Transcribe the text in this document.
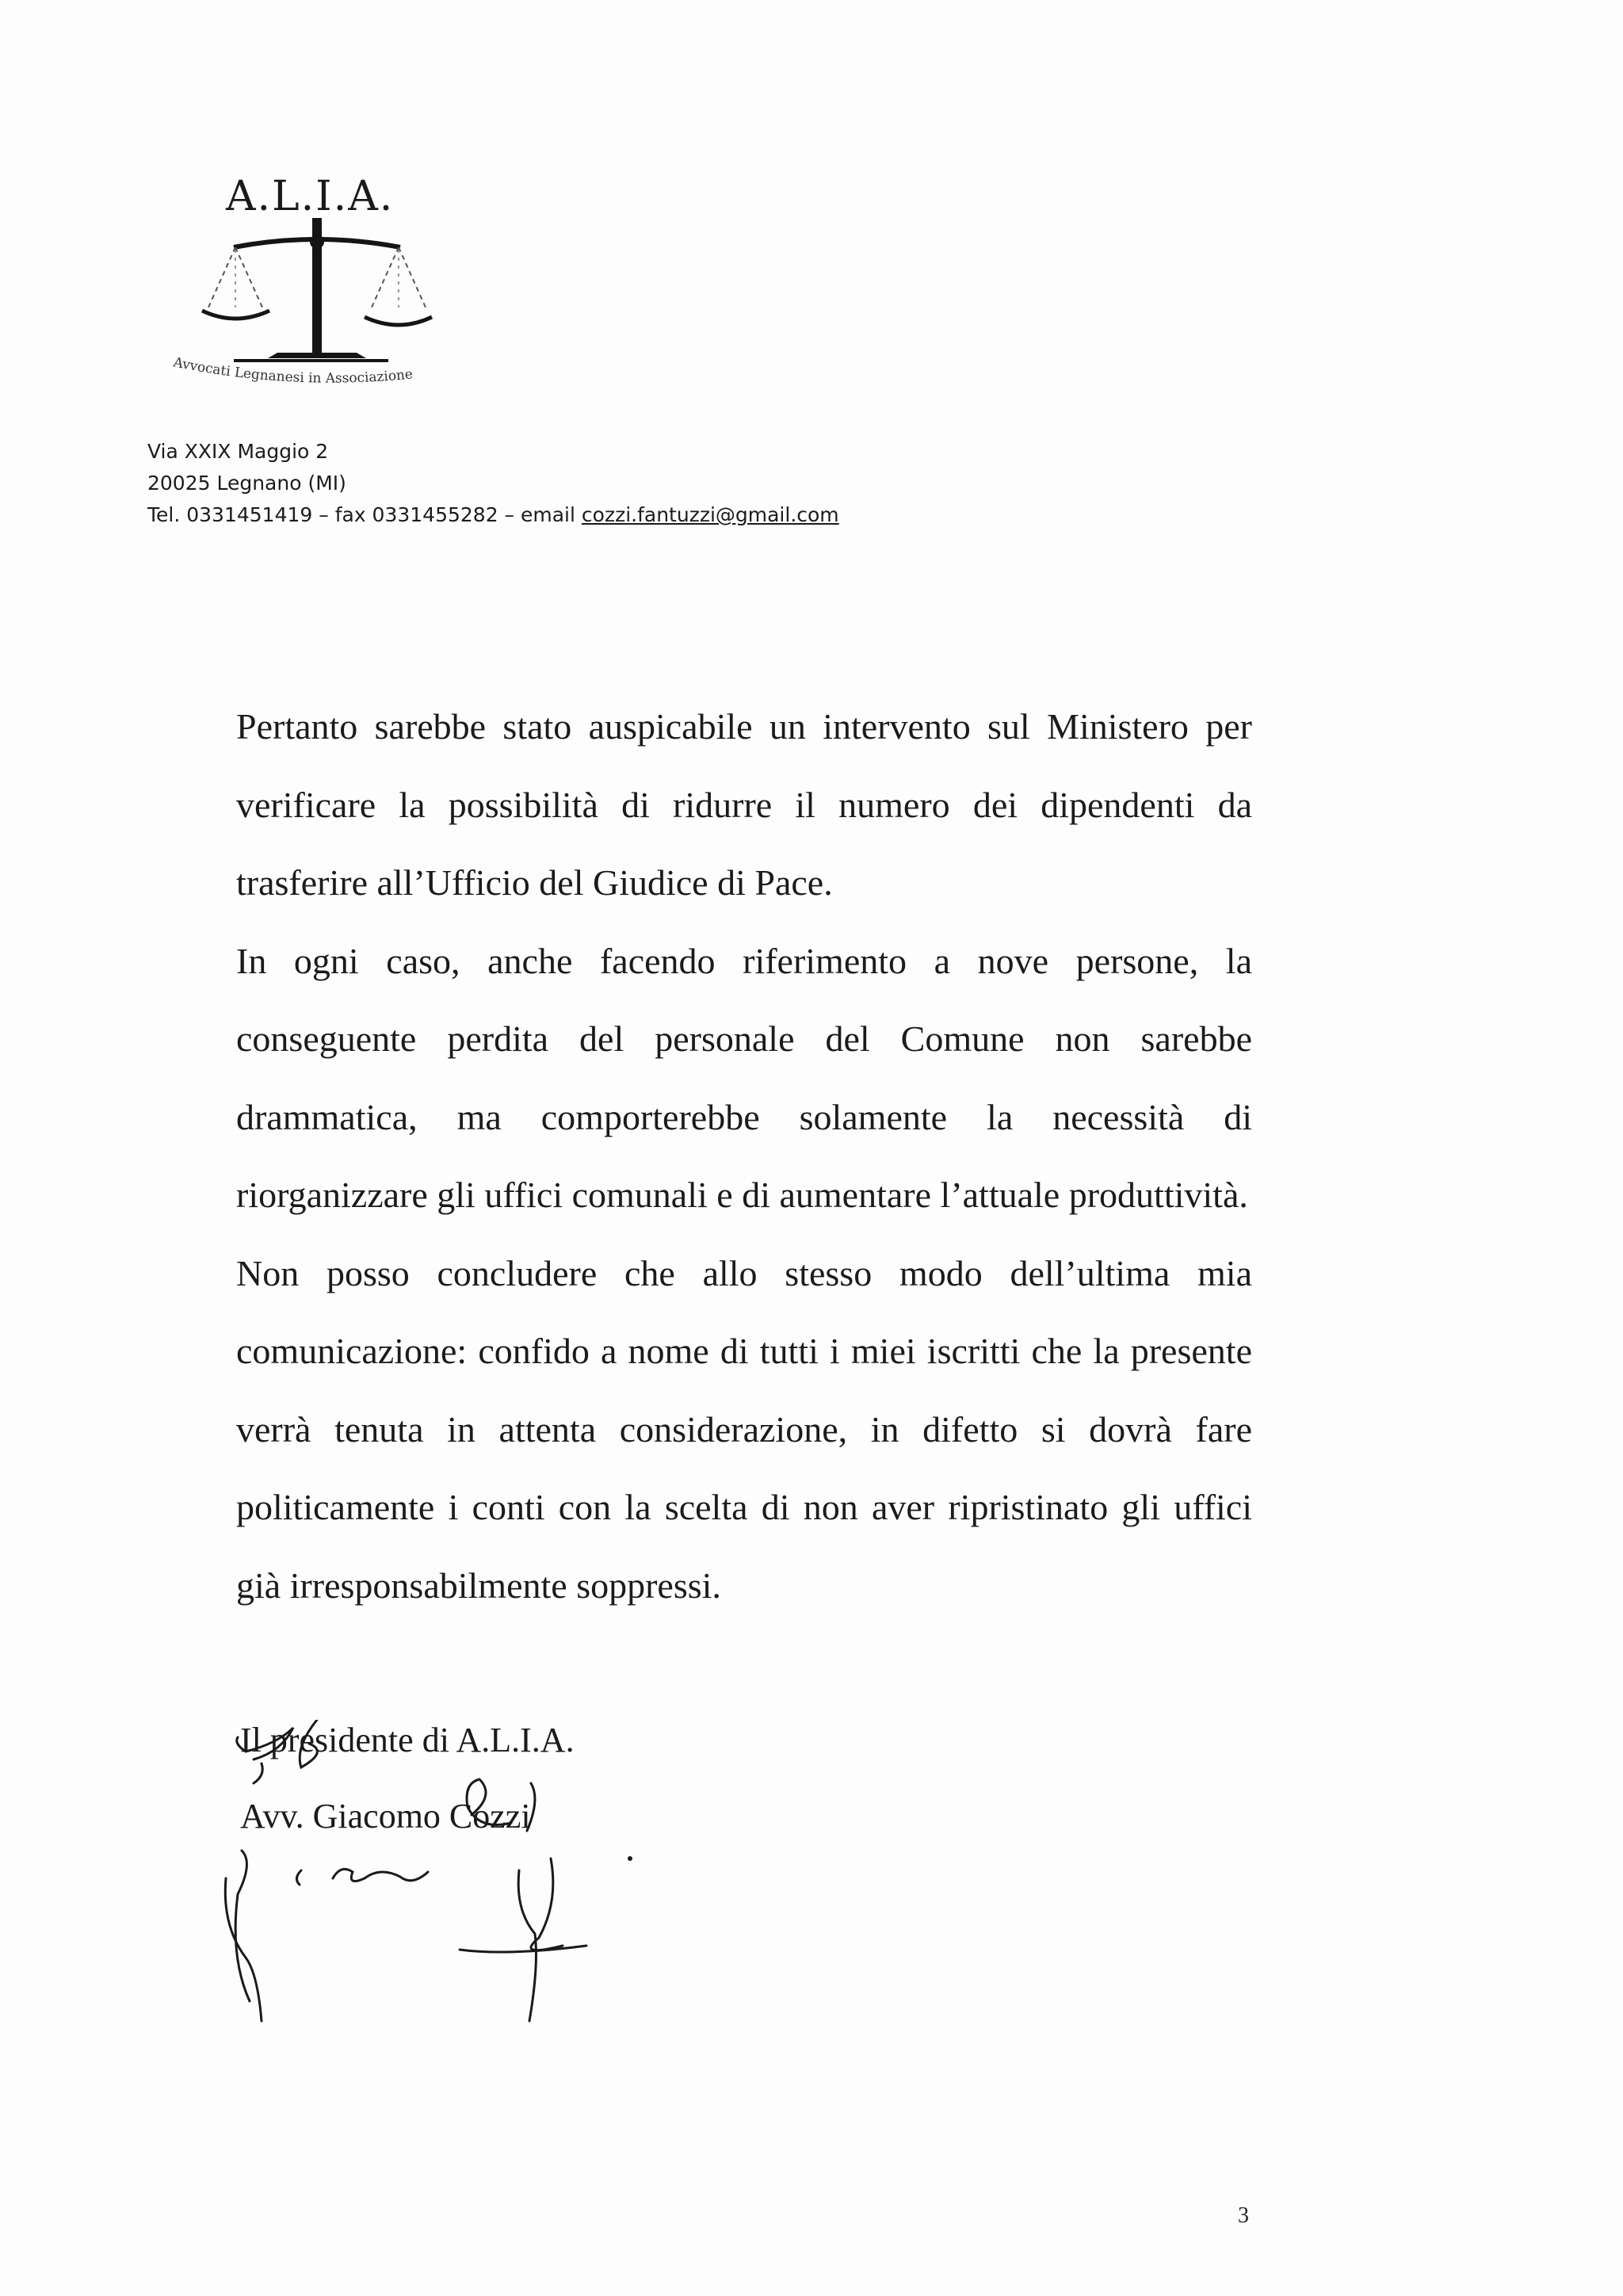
A.L.I.A.
Avvocati Legnanesi in Associazione
Via XXIX Maggio 2
20025 Legnano (MI)
Tel. 0331451419 – fax 0331455282 – email cozzi.fantuzzi@gmail.com

Pertanto sarebbe stato auspicabile un intervento sul Ministero per verificare la possibilità di ridurre il numero dei dipendenti da trasferire all’Ufficio del Giudice di Pace.

In ogni caso, anche facendo riferimento a nove persone, la conseguente perdita del personale del Comune non sarebbe drammatica, ma comporterebbe solamente la necessità di riorganizzare gli uffici comunali e di aumentare l’attuale produttività.

Non posso concludere che allo stesso modo dell’ultima mia comunicazione: confido a nome di tutti i miei iscritti che la presente verrà tenuta in attenta considerazione, in difetto si dovrà fare politicamente i conti con la scelta di non aver ripristinato gli uffici già irresponsabilmente soppressi.

Il presidente di A.L.I.A.
Avv. Giacomo Cozzi
3
